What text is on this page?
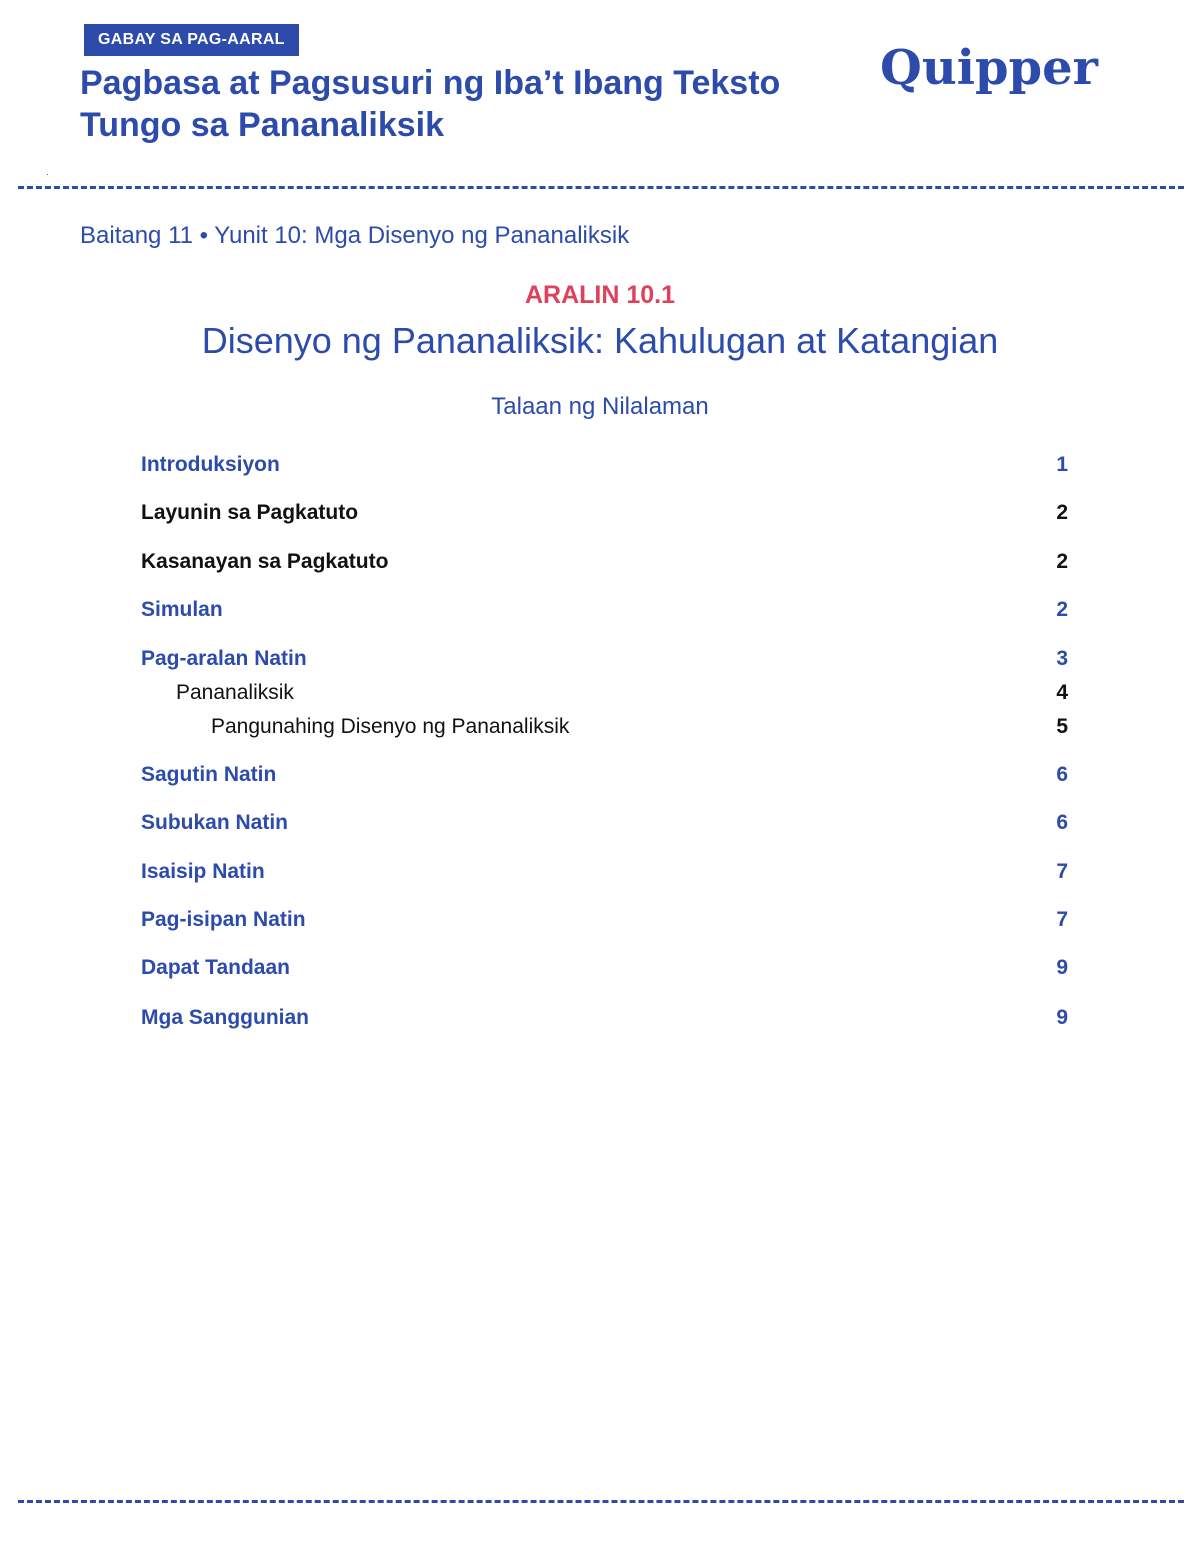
GABAY SA PAG-AARAL
Pagbasa at Pagsusuri ng Iba’t Ibang Teksto
Tungo sa Pananaliksik
Quipper
Baitang 11 • Yunit 10: Mga Disenyo ng Pananaliksik
ARALIN 10.1
Disenyo ng Pananaliksik: Kahulugan at Katangian
Talaan ng Nilalaman
Introduksiyon	1
Layunin sa Pagkatuto	2
Kasanayan sa Pagkatuto	2
Simulan	2
Pag-aralan Natin	3
Pananaliksik	4
Pangunahing Disenyo ng Pananaliksik	5
Sagutin Natin	6
Subukan Natin	6
Isaisip Natin	7
Pag-isipan Natin	7
Dapat Tandaan	9
Mga Sanggunian	9
